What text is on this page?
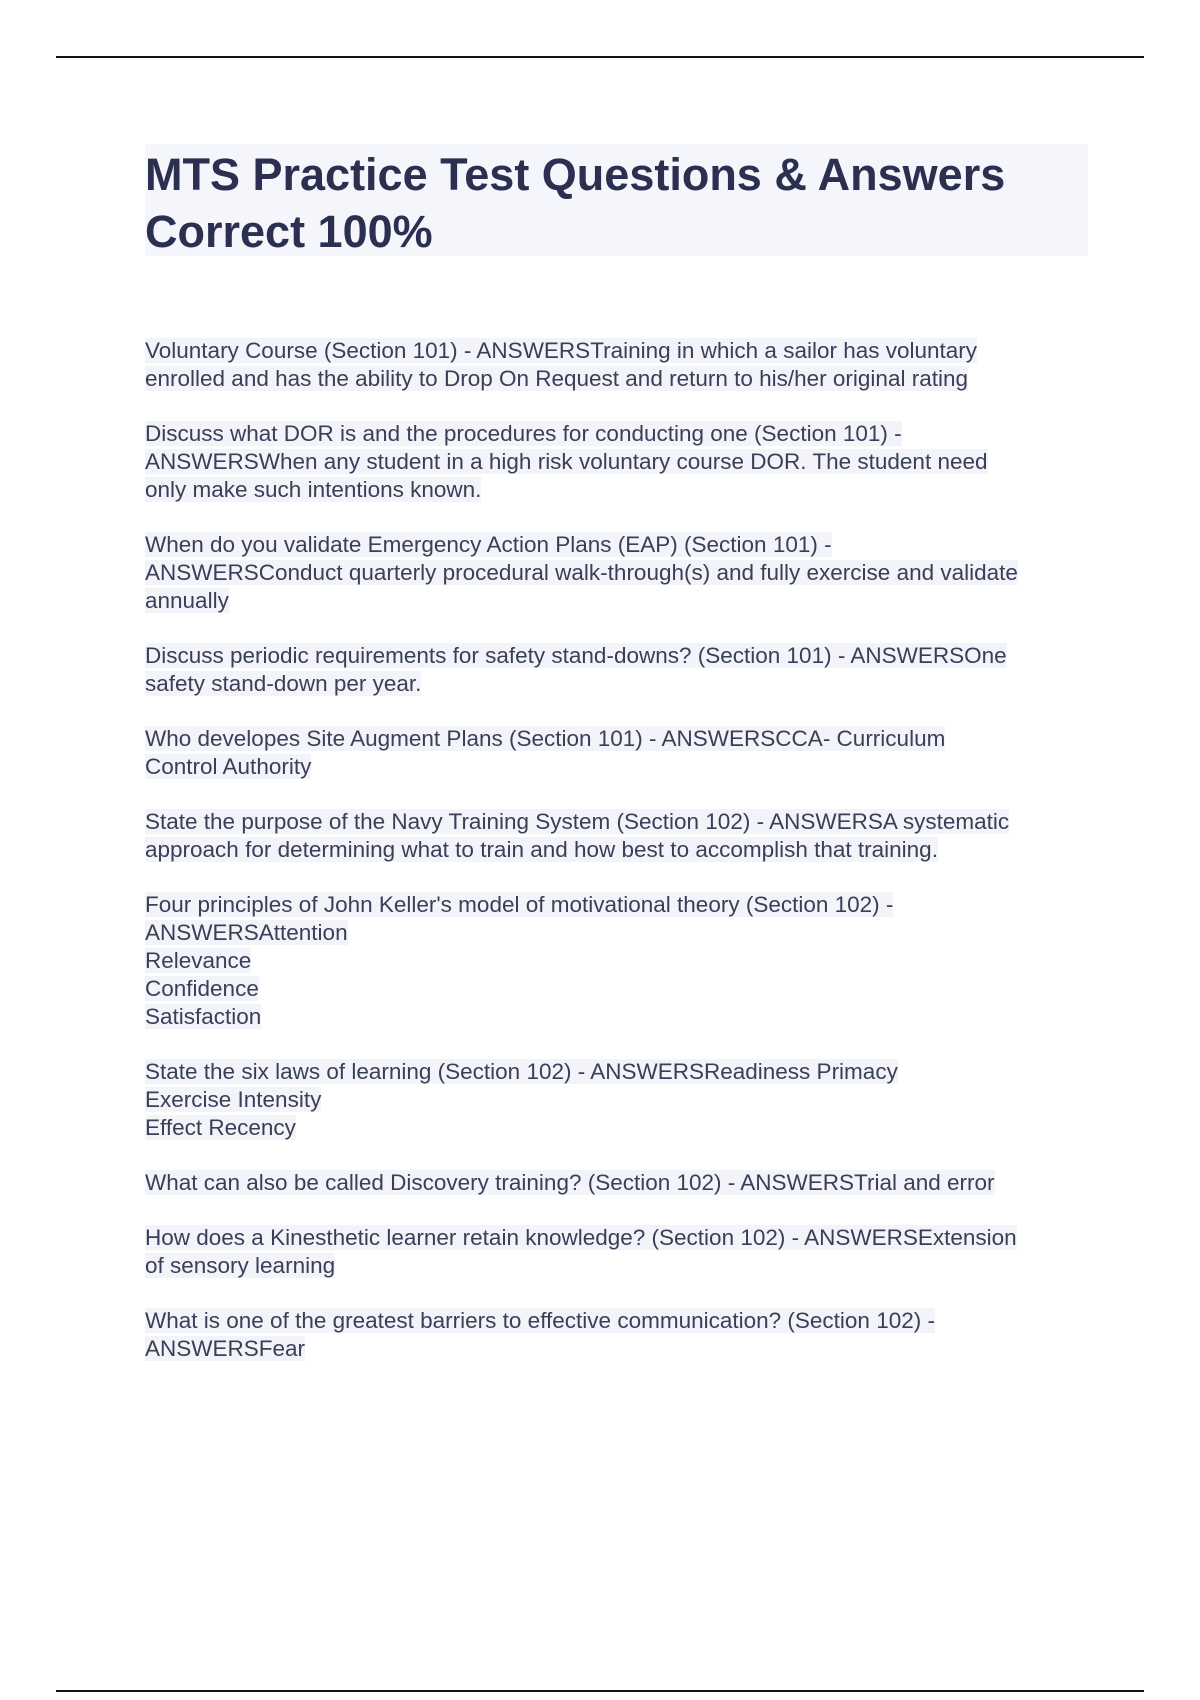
MTS Practice Test Questions & Answers
Correct 100%

Voluntary Course (Section 101) - ANSWERSTraining in which a sailor has voluntary
enrolled and has the ability to Drop On Request and return to his/her original rating

Discuss what DOR is and the procedures for conducting one (Section 101) -
ANSWERSWhen any student in a high risk voluntary course DOR. The student need
only make such intentions known.

When do you validate Emergency Action Plans (EAP) (Section 101) -
ANSWERSConduct quarterly procedural walk-through(s) and fully exercise and validate
annually

Discuss periodic requirements for safety stand-downs? (Section 101) - ANSWERSOne
safety stand-down per year.

Who developes Site Augment Plans (Section 101) - ANSWERSCCA- Curriculum
Control Authority

State the purpose of the Navy Training System (Section 102) - ANSWERSA systematic
approach for determining what to train and how best to accomplish that training.

Four principles of John Keller's model of motivational theory (Section 102) -
ANSWERSAttention
Relevance
Confidence
Satisfaction

State the six laws of learning (Section 102) - ANSWERSReadiness Primacy
Exercise Intensity
Effect Recency

What can also be called Discovery training? (Section 102) - ANSWERSTrial and error

How does a Kinesthetic learner retain knowledge? (Section 102) - ANSWERSExtension
of sensory learning

What is one of the greatest barriers to effective communication? (Section 102) -
ANSWERSFear
